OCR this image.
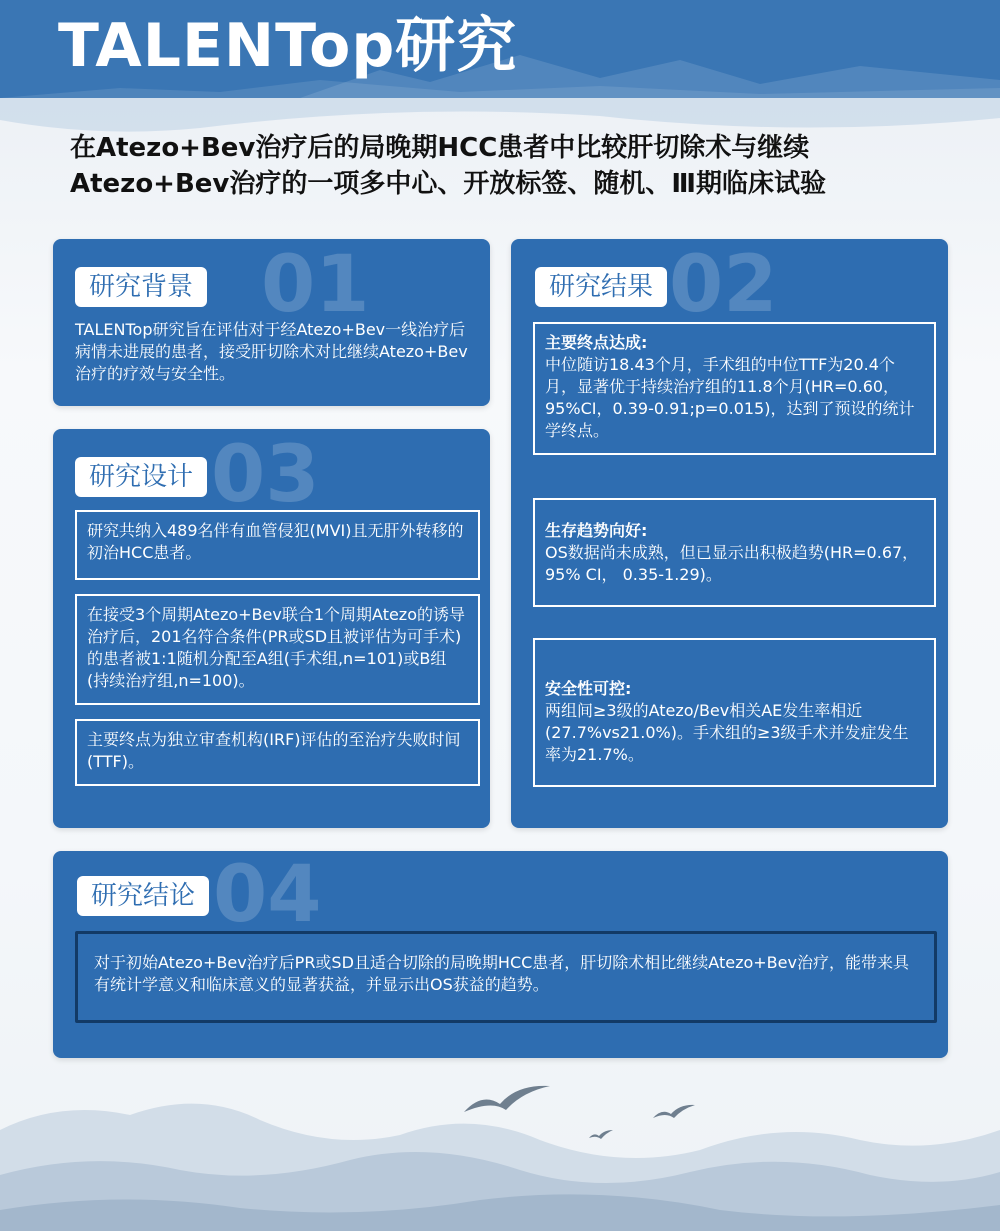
TALENTop研究
在Atezo+Bev治疗后的局晚期HCC患者中比较肝切除术与继续
Atezo+Bev治疗的一项多中心、开放标签、随机、Ⅲ期临床试验
01
研究背景
TALENTop研究旨在评估对于经Atezo+Bev一线治疗后病情未进展的患者，接受肝切除术对比继续Atezo+Bev治疗的疗效与安全性。
03
研究设计
研究共纳入489名伴有血管侵犯(MVI)且无肝外转移的初治HCC患者。
在接受3个周期Atezo+Bev联合1个周期Atezo的诱导治疗后，201名符合条件(PR或SD且被评估为可手术)的患者被1:1随机分配至A组(手术组,n=101)或B组(持续治疗组,n=100)。
主要终点为独立审查机构(IRF)评估的至治疗失败时间(TTF)。
02
研究结果
主要终点达成:
中位随访18.43个月，手术组的中位TTF为20.4个月，显著优于持续治疗组的11.8个月(HR=0.60，95%CI，0.39-0.91;p=0.015)，达到了预设的统计学终点。
生存趋势向好:
OS数据尚未成熟，但已显示出积极趋势(HR=0.67，95% CI， 0.35-1.29)。
安全性可控:
两组间≥3级的Atezo/Bev相关AE发生率相近(27.7%vs21.0%)。手术组的≥3级手术并发症发生率为21.7%。
04
研究结论
对于初始Atezo+Bev治疗后PR或SD且适合切除的局晚期HCC患者，肝切除术相比继续Atezo+Bev治疗，能带来具有统计学意义和临床意义的显著获益，并显示出OS获益的趋势。
